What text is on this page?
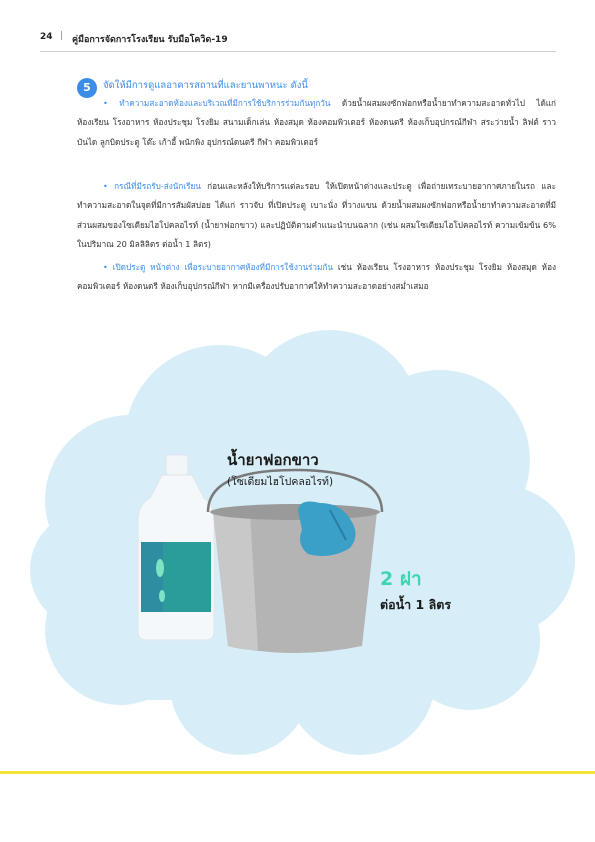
24 | คู่มือการจัดการโรงเรียน รับมือโควิด-19
5	จัดให้มีการดูแลอาคารสถานที่และยานพาหนะ ดังนี้

• ทำความสะอาดห้องและบริเวณที่มีการใช้บริการร่วมกันทุกวัน ด้วยน้ำผสมผงซักฟอกหรือน้ำยาทำความสะอาดทั่วไป ได้แก่ ห้องเรียน โรงอาหาร ห้องประชุม โรงยิม สนามเด็กเล่น ห้องสมุด ห้องคอมพิวเตอร์ ห้องดนตรี ห้องเก็บอุปกรณ์กีฬา สระว่ายน้ำ ลิฟต์ ราวบันได ลูกบิดประตู โต๊ะ เก้าอี้ พนักพิง อุปกรณ์ดนตรี กีฬา คอมพิวเตอร์

• กรณีที่มีรถรับ-ส่งนักเรียน ก่อนและหลังให้บริการแต่ละรอบ ให้เปิดหน้าต่างและประตู เพื่อถ่ายเทระบายอากาศภายในรถ และทำความสะอาดในจุดที่มีการสัมผัสบ่อย ได้แก่ ราวจับ ที่เปิดประตู เบาะนั่ง ที่วางแขน ด้วยน้ำผสมผงซักฟอกหรือน้ำยาทำความสะอาดที่มีส่วนผสมของโซเดียมไฮโปคลอไรท์ (น้ำยาฟอกขาว) และปฏิบัติตามคำแนะนำบนฉลาก (เช่น ผสมโซเดียมไฮโปคลอไรท์ ความเข้มข้น 6% ในปริมาณ 20 มิลลิลิตร ต่อน้ำ 1 ลิตร)

• เปิดประตู หน้าต่าง เพื่อระบายอากาศห้องที่มีการใช้งานร่วมกัน เช่น ห้องเรียน โรงอาหาร ห้องประชุม โรงยิม ห้องสมุด ห้องคอมพิวเตอร์ ห้องดนตรี ห้องเก็บอุปกรณ์กีฬา หากมีเครื่องปรับอากาศให้ทำความสะอาดอย่างสม่ำเสมอ

น้ำยาฟอกขาว
(โซเดียมไฮโปคลอไรท์)
2 ฝา
ต่อน้ำ 1 ลิตร
